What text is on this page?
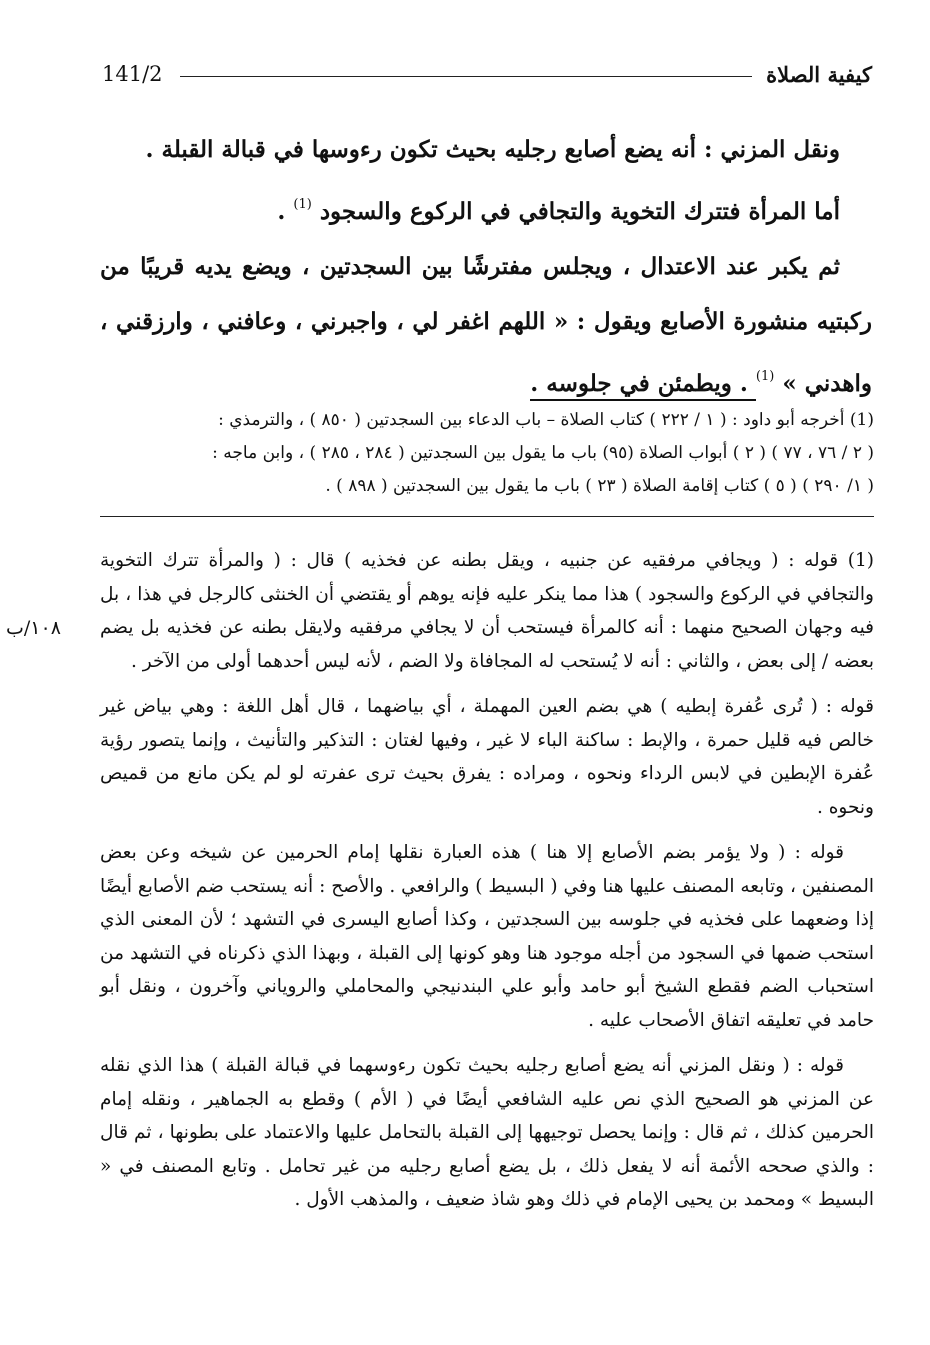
كيفية الصلاة
141/2

ونقل المزني : أنه يضع أصابع رجليه بحيث تكون رءوسها في قبالة القبلة .

أما المرأة فتترك التخوية والتجافي في الركوع والسجود $^{(1)}$ .

ثم يكبر عند الاعتدال ، ويجلس مفترشًا بين السجدتين ، ويضع يديه قريبًا من ركبتيه منشورة الأصابع ويقول : « اللهم اغفر لي ، واجبرني ، وعافني ، وارزقني ، واهدني » $^{(1)}$ . ويطمئن في جلوسه .

(1) أخرجه أبو داود : ( ١ / ٢٢٢ ) كتاب الصلاة – باب الدعاء بين السجدتين ( ٨٥٠ ) ، والترمذي :

( ٢ / ٧٦ ، ٧٧ ) ( ٢ ) أبواب الصلاة (٩٥) باب ما يقول بين السجدتين ( ٢٨٤ ، ٢٨٥ ) ، وابن ماجه :

( ١/ ٢٩٠ ) ( ٥ ) كتاب إقامة الصلاة ( ٢٣ ) باب ما يقول بين السجدتين ( ٨٩٨ ) .

(1) قوله : ( ويجافي مرفقيه عن جنبيه ، ويقل بطنه عن فخذيه ) قال : ( والمرأة تترك التخوية والتجافي في الركوع والسجود ) هذا مما ينكر عليه فإنه يوهم أو يقتضي أن الخنثى كالرجل في هذا ، بل فيه وجهان الصحيح منهما : أنه كالمرأة فيستحب أن لا يجافي مرفقيه ولايقل بطنه عن فخذيه بل يضم بعضه / إلى بعض ، والثاني : أنه لا يُستحب له المجافاة ولا الضم ، لأنه ليس أحدهما أولى من الآخر .

قوله : ( تُرى عُفرة إبطيه ) هي بضم العين المهملة ، أي بياضهما ، قال أهل اللغة : وهي بياض غير خالص فيه قليل حمرة ، والإبط : ساكنة الباء لا غير ، وفيها لغتان : التذكير والتأنيث ، وإنما يتصور رؤية عُفرة الإبطين في لابس الرداء ونحوه ، ومراده : يفرق بحيث ترى عفرته لو لم يكن مانع من قميص ونحوه .

قوله : ( ولا يؤمر بضم الأصابع إلا هنا ) هذه العبارة نقلها إمام الحرمين عن شيخه وعن بعض المصنفين ، وتابعه المصنف عليها هنا وفي ( البسيط ) والرافعي . والأصح : أنه يستحب ضم الأصابع أيضًا إذا وضعهما على فخذيه في جلوسه بين السجدتين ، وكذا أصابع اليسرى في التشهد ؛ لأن المعنى الذي استحب ضمها في السجود من أجله موجود هنا وهو كونها إلى القبلة ، وبهذا الذي ذكرناه في التشهد من استحباب الضم فقطع الشيخ أبو حامد وأبو علي البندنيجي والمحاملي والروياني وآخرون ، ونقل أبو حامد في تعليقه اتفاق الأصحاب عليه .

قوله : ( ونقل المزني أنه يضع أصابع رجليه بحيث تكون رءوسهما في قبالة القبلة ) هذا الذي نقله عن المزني هو الصحيح الذي نص عليه الشافعي أيضًا في ( الأم ) وقطع به الجماهير ، ونقله إمام الحرمين كذلك ، ثم قال : وإنما يحصل توجيهها إلى القبلة بالتحامل عليها والاعتماد على بطونها ، ثم قال : والذي صححه الأئمة أنه لا يفعل ذلك ، بل يضع أصابع رجليه من غير تحامل . وتابع المصنف في « البسيط » ومحمد بن يحيى الإمام في ذلك وهو شاذ ضعيف ، والمذهب الأول .

١٠٨/ب
